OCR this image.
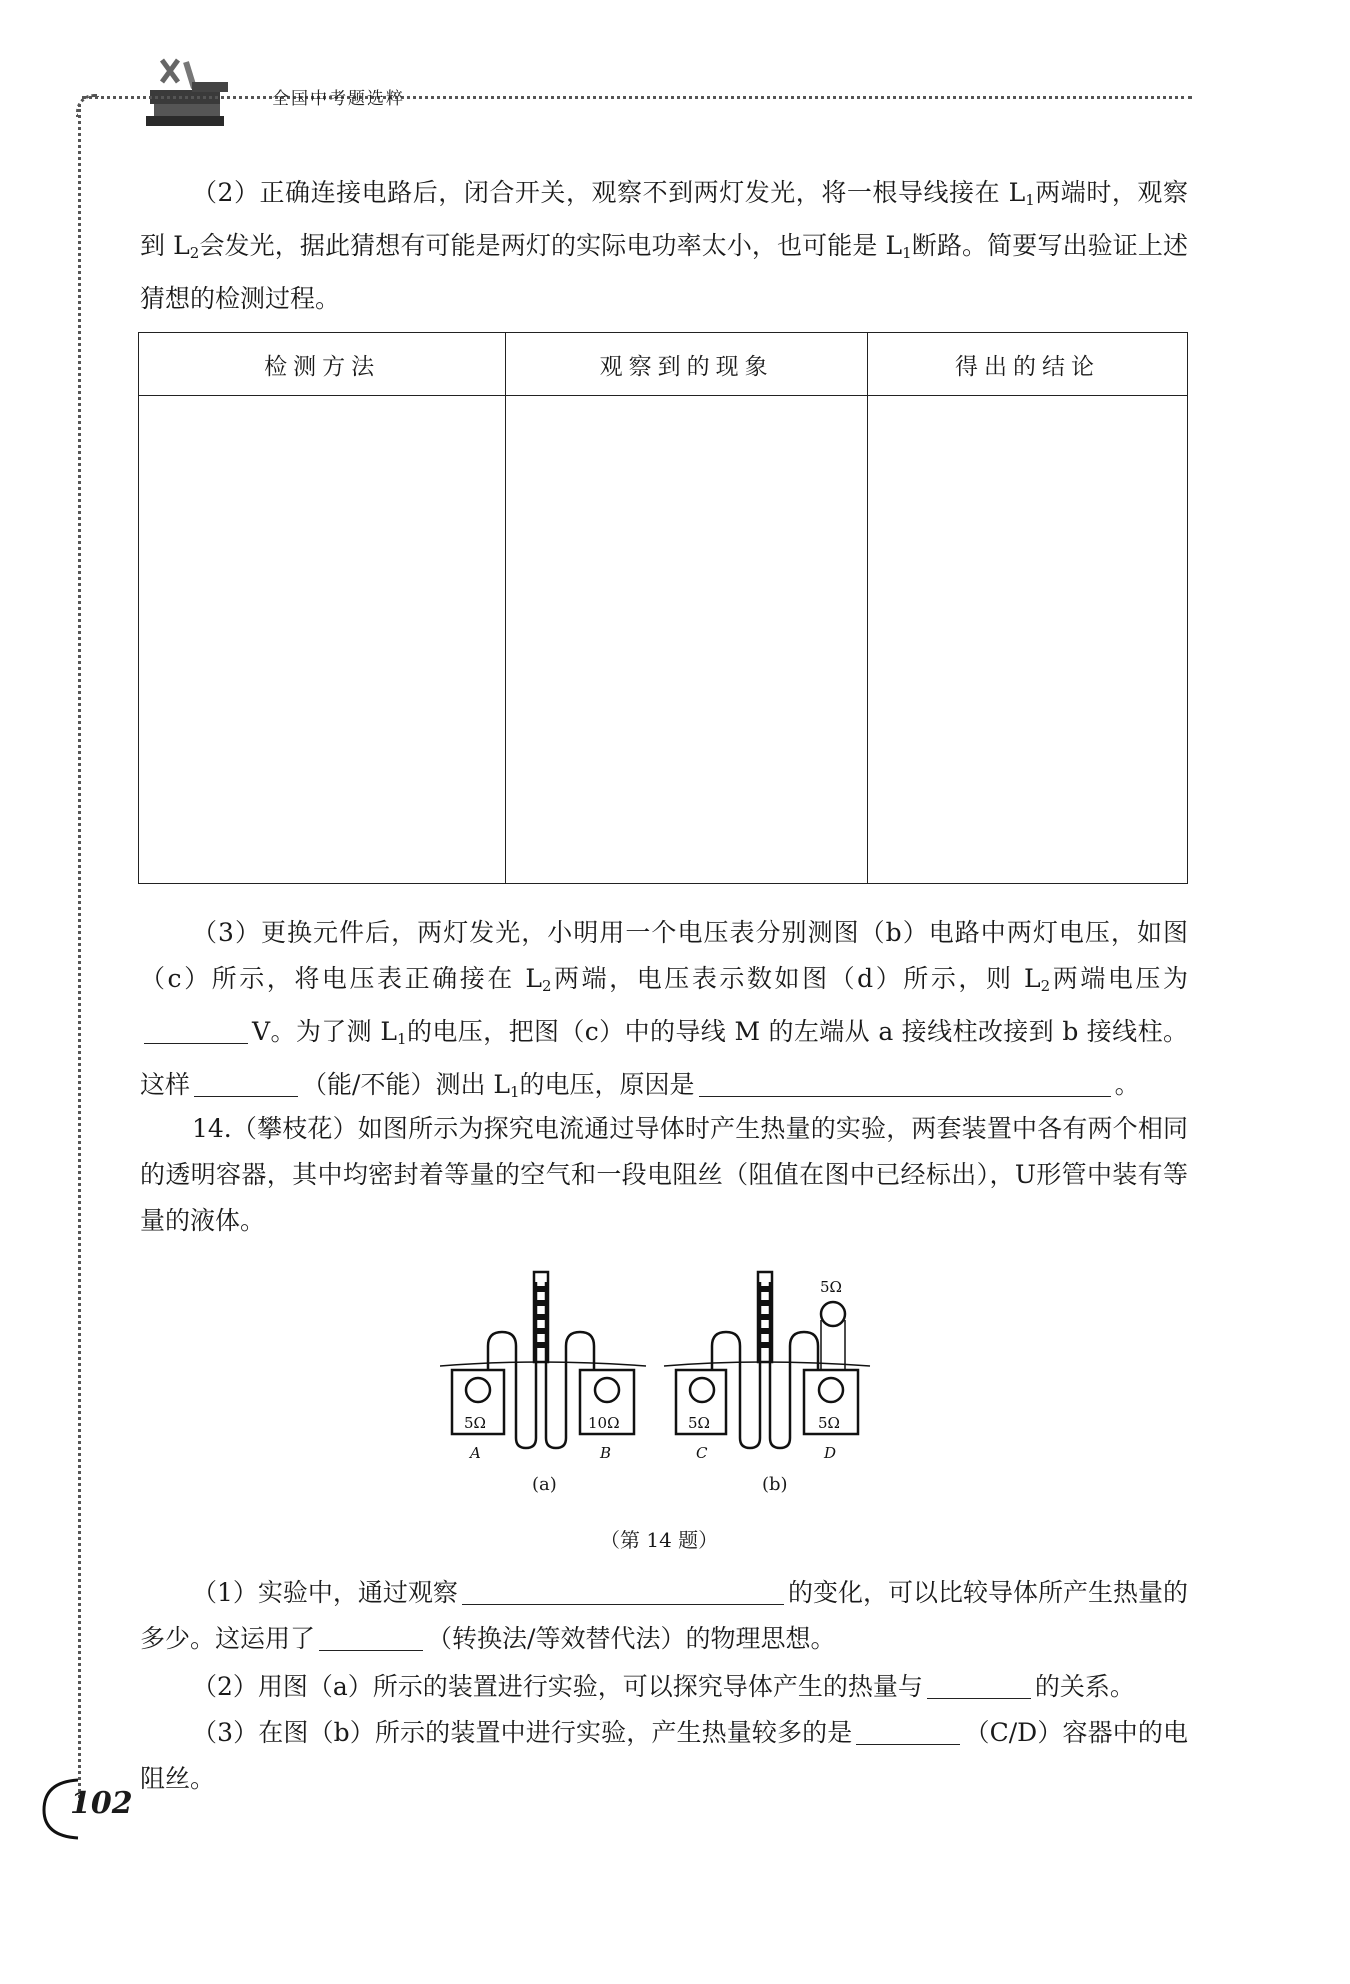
全国中考题选粹
（2）正确连接电路后，闭合开关，观察不到两灯发光，将一根导线接在 $L_1$两端时，观察到 $L_2$会发光，据此猜想有可能是两灯的实际电功率太小，也可能是 $L_1$断路。简要写出验证上述猜想的检测过程。
检测方法	观察到的现象	得出的结论

（3）更换元件后，两灯发光，小明用一个电压表分别测图（b）电路中两灯电压，如图（c）所示，将电压表正确接在 $L_2$两端，电压表示数如图（d）所示，则 $L_2$两端电压为V。为了测 $L_1$的电压，把图（c）中的导线 M 的左端从 a 接线柱改接到 b 接线柱。这样	（能/不能）测出 $L_1$的电压，原因是	。
14.（攀枝花）如图所示为探究电流通过导体时产生热量的实验，两套装置中各有两个相同的透明容器，其中均密封着等量的空气和一段电阻丝（阻值在图中已经标出），U形管中装有等量的液体。
5Ω	10Ω	5Ω	5Ω
5Ω
A	B	C	D
(a)	(b)
（第 14 题）
（1）实验中，通过观察	的变化，可以比较导体所产生热量的多少。这运用了	（转换法/等效替代法）的物理思想。
（2）用图（a）所示的装置进行实验，可以探究导体产生的热量与	的关系。
（3）在图（b）所示的装置中进行实验，产生热量较多的是	（C/D）容器中的电阻丝。
102
